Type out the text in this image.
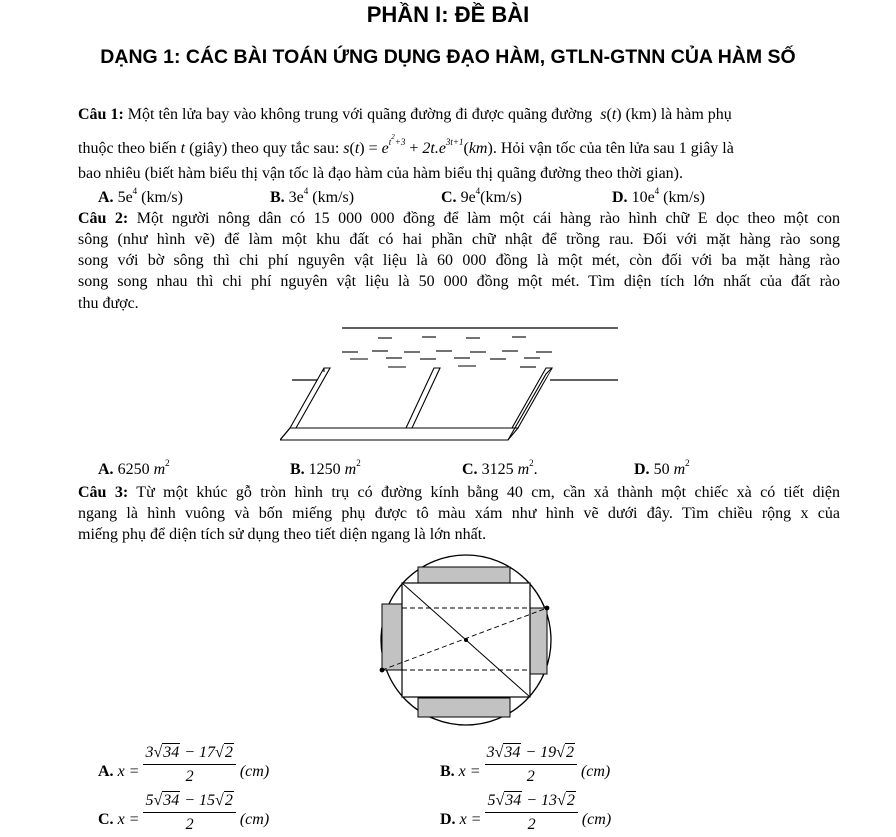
PHẦN I: ĐỀ BÀI
DẠNG 1: CÁC BÀI TOÁN ỨNG DỤNG ĐẠO HÀM, GTLN-GTNN CỦA HÀM SỐ
Câu 1: Một tên lửa bay vào không trung với quãng đường đi được quãng đường  s(t) (km) là hàm phụ
thuộc theo biến t (giây) theo quy tắc sau: $s(t) = e^{t^2+3} + 2t.e^{3t+1}(km)$. Hỏi vận tốc của tên lửa sau 1 giây là
bao nhiêu (biết hàm biểu thị vận tốc là đạo hàm của hàm biểu thị quãng đường theo thời gian).
A. $5e^4$ (km/s)	B. $3e^4$ (km/s)	C. $9e^4(km/s)$	D. $10e^4$ (km/s)
Câu 2: Một người nông dân có 15 000 000 đồng để làm một cái hàng rào hình chữ E dọc theo một con
sông (như hình vẽ) để làm một khu đất có hai phần chữ nhật để trồng rau. Đối với mặt hàng rào song
song với bờ sông thì chi phí nguyên vật liệu là 60 000 đồng là một mét, còn đối với ba mặt hàng rào
song song nhau thì chi phí nguyên vật liệu là 50 000 đồng một mét. Tìm diện tích lớn nhất của đất rào
thu được.
A. 6250 $m^2$	B. 1250 $m^2$	C. 3125 $m^2$.	D. 50 $m^2$
Câu 3: Từ một khúc gỗ tròn hình trụ có đường kính bằng 40 cm, cần xả thành một chiếc xà có tiết diện
ngang là hình vuông và bốn miếng phụ được tô màu xám như hình vẽ dưới đây. Tìm chiều rộng x của
miếng phụ để diện tích sử dụng theo tiết diện ngang là lớn nhất.
A. $x = \frac{3√34 - 17√2}{2} (cm)$	B. $x = \frac{3√34 - 19√2}{2} (cm)$
C. $x = \frac{5√34 - 15√2}{2} (cm)$	D. $x = \frac{5√34 - 13√2}{2} (cm)$
